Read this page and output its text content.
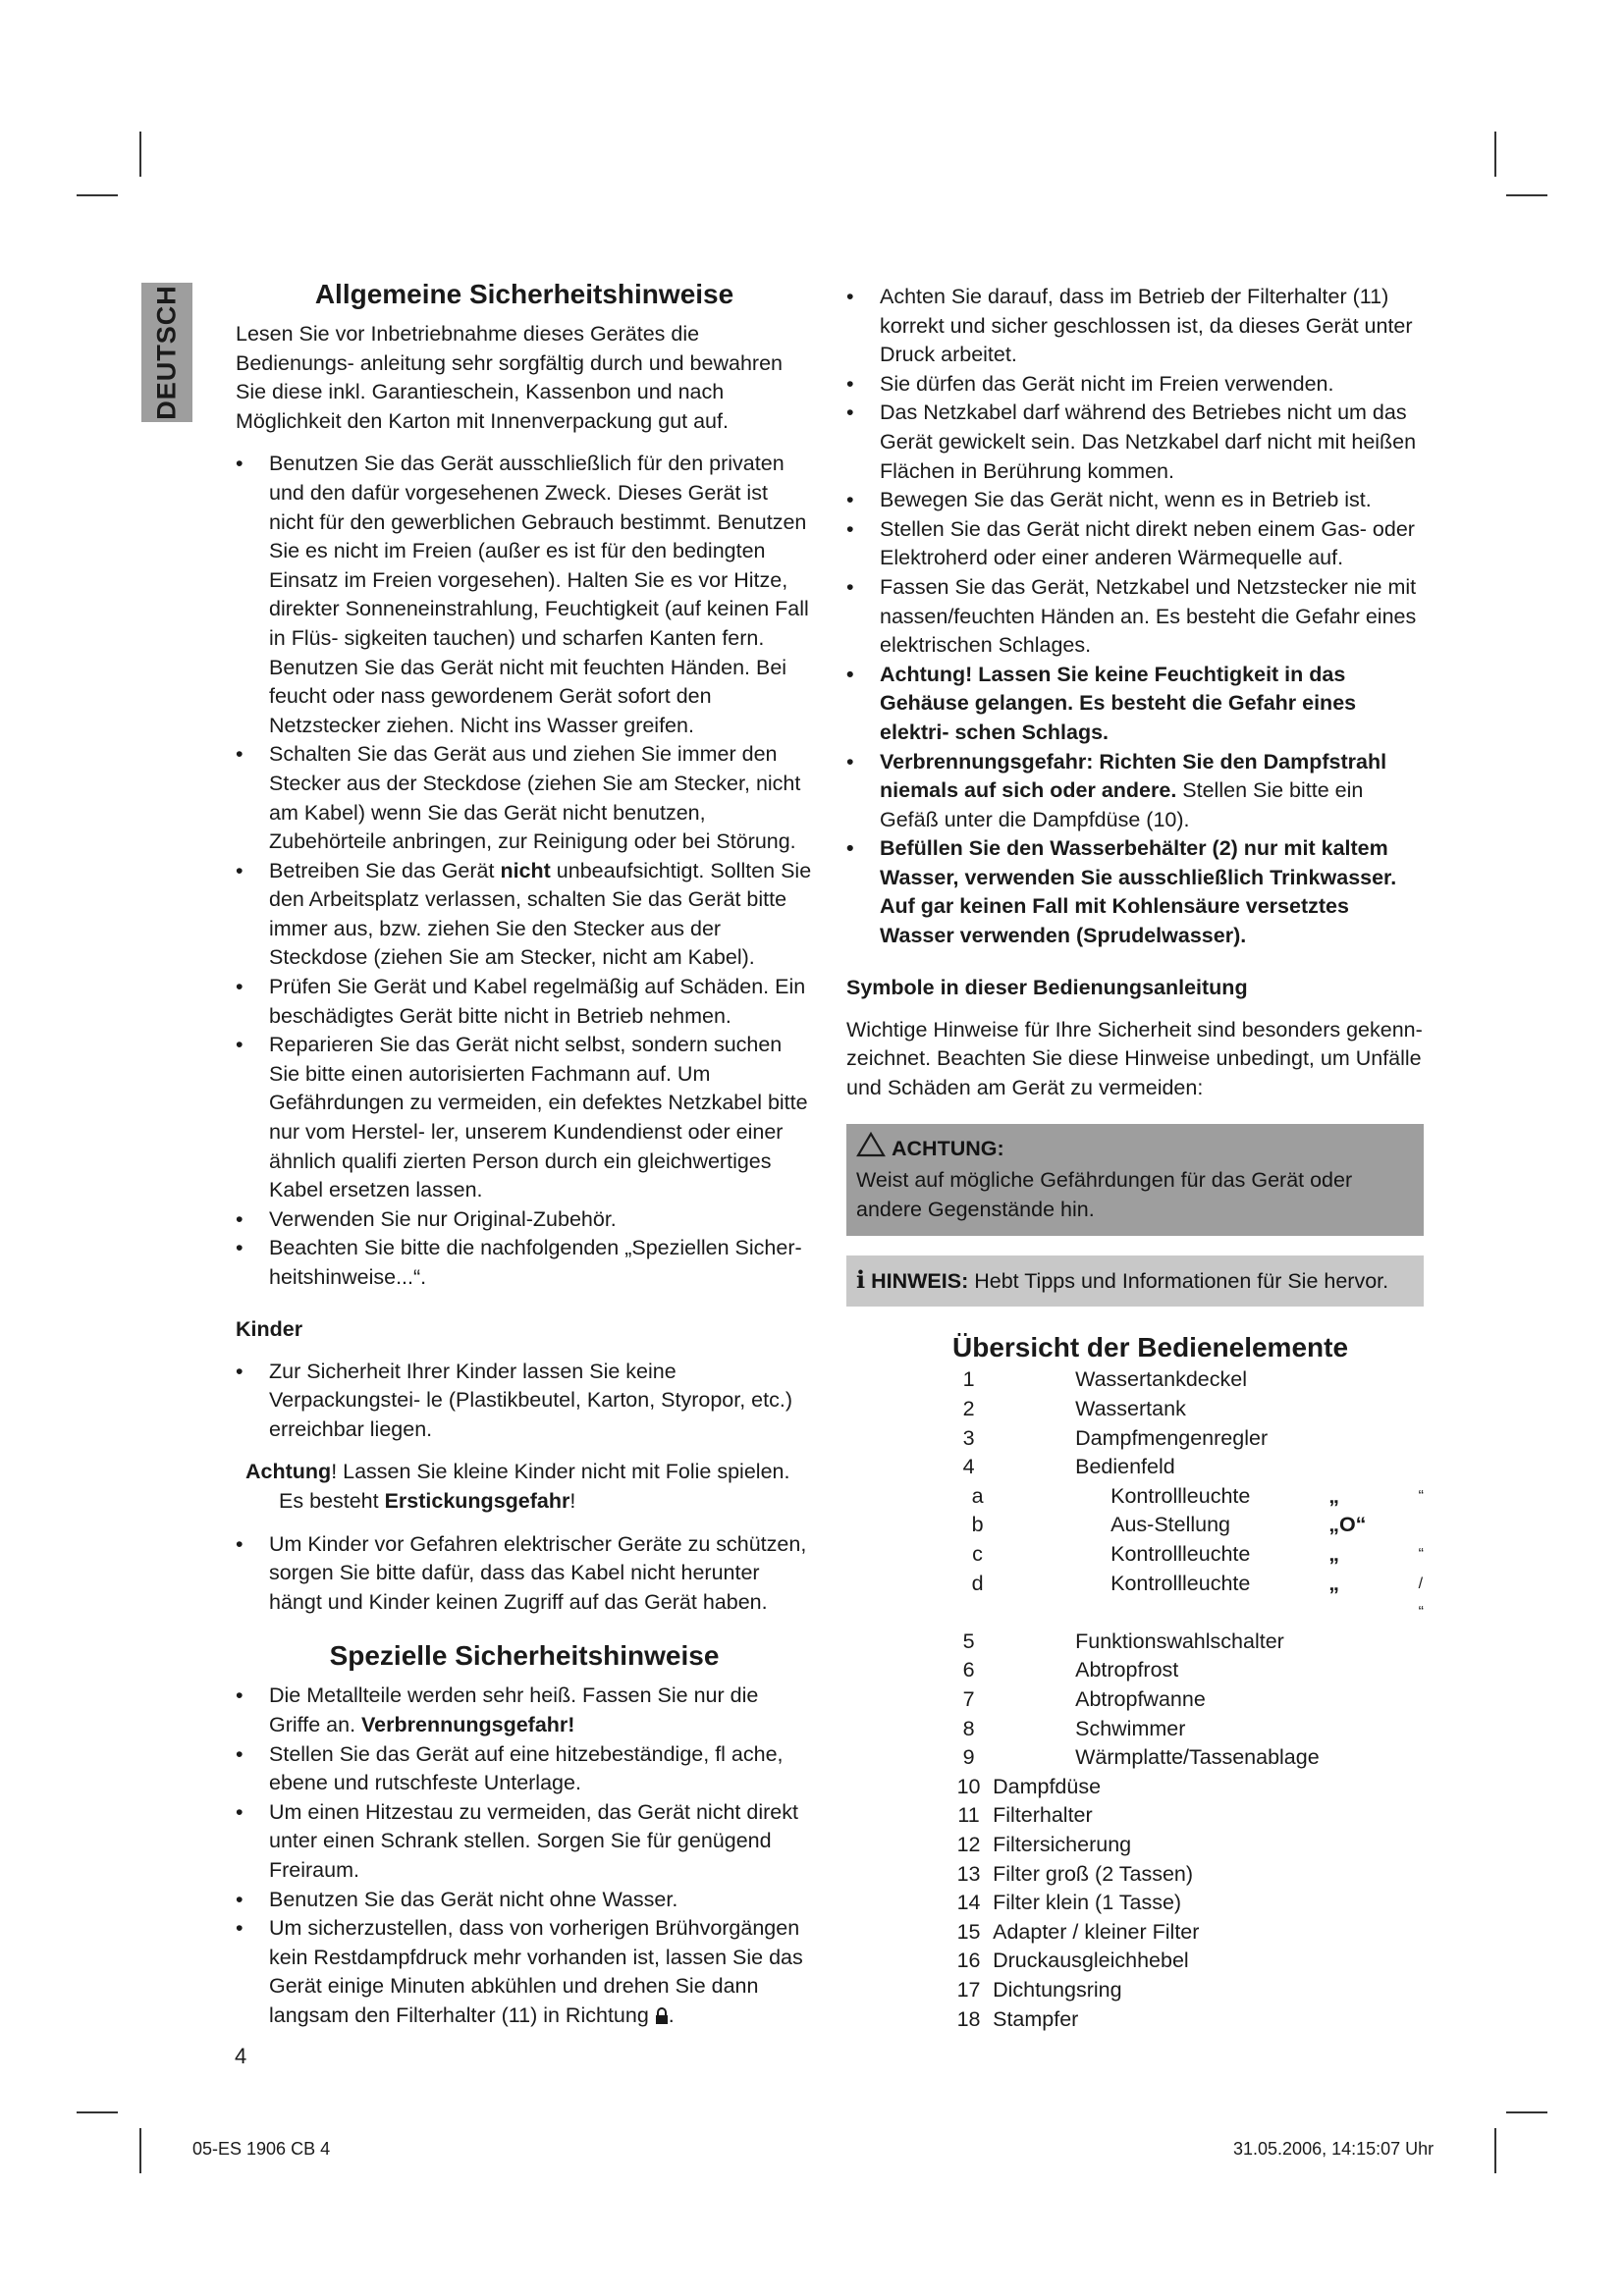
DEUTSCH	Allgemeine Sicherheitshinweise

Lesen Sie vor Inbetriebnahme dieses Gerätes die Bedienungs- anleitung sehr sorgfältig durch und bewahren Sie diese inkl. Garantieschein, Kassenbon und nach Möglichkeit den Karton mit Innenverpackung gut auf.

• Benutzen Sie das Gerät ausschließlich für den privaten und den dafür vorgesehenen Zweck. Dieses Gerät ist nicht für den gewerblichen Gebrauch bestimmt. Benutzen Sie es nicht im Freien (außer es ist für den bedingten Einsatz im Freien vorgesehen). Halten Sie es vor Hitze, direkter Sonneneinstrahlung, Feuchtigkeit (auf keinen Fall in Flüs- sigkeiten tauchen) und scharfen Kanten fern. Benutzen Sie das Gerät nicht mit feuchten Händen. Bei feucht oder nass gewordenem Gerät sofort den Netzstecker ziehen. Nicht ins Wasser greifen.
• Schalten Sie das Gerät aus und ziehen Sie immer den Stecker aus der Steckdose (ziehen Sie am Stecker, nicht am Kabel) wenn Sie das Gerät nicht benutzen, Zubehörteile anbringen, zur Reinigung oder bei Störung.
• Betreiben Sie das Gerät nicht unbeaufsichtigt. Sollten Sie den Arbeitsplatz verlassen, schalten Sie das Gerät bitte immer aus, bzw. ziehen Sie den Stecker aus der Steckdose (ziehen Sie am Stecker, nicht am Kabel).
• Prüfen Sie Gerät und Kabel regelmäßig auf Schäden. Ein beschädigtes Gerät bitte nicht in Betrieb nehmen.
• Reparieren Sie das Gerät nicht selbst, sondern suchen Sie bitte einen autorisierten Fachmann auf. Um Gefährdungen zu vermeiden, ein defektes Netzkabel bitte nur vom Herstel- ler, unserem Kundendienst oder einer ähnlich qualifi zierten Person durch ein gleichwertiges Kabel ersetzen lassen.
• Verwenden Sie nur Original-Zubehör.
• Beachten Sie bitte die nachfolgenden „Speziellen Sicher- heitshinweise...“.
Kinder
• Zur Sicherheit Ihrer Kinder lassen Sie keine Verpackungstei- le (Plastikbeutel, Karton, Styropor, etc.) erreichbar liegen.
Achtung! Lassen Sie kleine Kinder nicht mit Folie spielen.
Es besteht Erstickungsgefahr!
• Um Kinder vor Gefahren elektrischer Geräte zu schützen, sorgen Sie bitte dafür, dass das Kabel nicht herunter hängt und Kinder keinen Zugriff auf das Gerät haben.
Spezielle Sicherheitshinweise
• Die Metallteile werden sehr heiß. Fassen Sie nur die Griffe an. Verbrennungsgefahr!
• Stellen Sie das Gerät auf eine hitzebeständige, fl ache, ebene und rutschfeste Unterlage.
• Um einen Hitzestau zu vermeiden, das Gerät nicht direkt unter einen Schrank stellen. Sorgen Sie für genügend Freiraum.
• Benutzen Sie das Gerät nicht ohne Wasser.
• Um sicherzustellen, dass von vorherigen Brühvorgängen kein Restdampfdruck mehr vorhanden ist, lassen Sie das Gerät einige Minuten abkühlen und drehen Sie dann langsam den Filterhalter (11) in Richtung .
• Achten Sie darauf, dass im Betrieb der Filterhalter (11) korrekt und sicher geschlossen ist, da dieses Gerät unter Druck arbeitet.
• Sie dürfen das Gerät nicht im Freien verwenden.
• Das Netzkabel darf während des Betriebes nicht um das Gerät gewickelt sein. Das Netzkabel darf nicht mit heißen Flächen in Berührung kommen.
• Bewegen Sie das Gerät nicht, wenn es in Betrieb ist.
• Stellen Sie das Gerät nicht direkt neben einem Gas- oder Elektroherd oder einer anderen Wärmequelle auf.
• Fassen Sie das Gerät, Netzkabel und Netzstecker nie mit nassen/feuchten Händen an. Es besteht die Gefahr eines elektrischen Schlages.
• Achtung! Lassen Sie keine Feuchtigkeit in das Gehäuse gelangen. Es besteht die Gefahr eines elektri- schen Schlags.
• Verbrennungsgefahr: Richten Sie den Dampfstrahl niemals auf sich oder andere. Stellen Sie bitte ein Gefäß unter die Dampfdüse (10).
• Befüllen Sie den Wasserbehälter (2) nur mit kaltem Wasser, verwenden Sie ausschließlich Trinkwasser. Auf gar keinen Fall mit Kohlensäure versetztes Wasser verwenden (Sprudelwasser).
Symbole in dieser Bedienungsanleitung

Wichtige Hinweise für Ihre Sicherheit sind besonders gekenn- zeichnet. Beachten Sie diese Hinweise unbedingt, um Unfälle und Schäden am Gerät zu vermeiden:

ACHTUNG:
Weist auf mögliche Gefährdungen für das Gerät oder andere Gegenstände hin.
i HINWEIS: Hebt Tipps und Informationen für Sie hervor.
Übersicht der Bedienelemente
1	Wassertankdeckel		
2	Wassertank		
3	Dampfmengenregler		
4	Bedienfeld		
a	Kontrollleuchte	„	“
b	Aus-Stellung	„O“	
c	Kontrollleuchte	„	“
d	Kontrollleuchte	„	/ “
5	Funktionswahlschalter		
6	Abtropfrost		
7	Abtropfwanne		
8	Schwimmer		
9	Wärmplatte/Tassenablage		
10	Dampfdüse		
11	Filterhalter		
12	Filtersicherung		
13	Filter groß (2 Tassen)		
14	Filter klein (1 Tasse)		
15	Adapter / kleiner Filter		
16	Druckausgleichhebel		
17	Dichtungsring		
18	Stampfer		
4
05-ES 1906 CB 4	31.05.2006, 14:15:07 Uhr
